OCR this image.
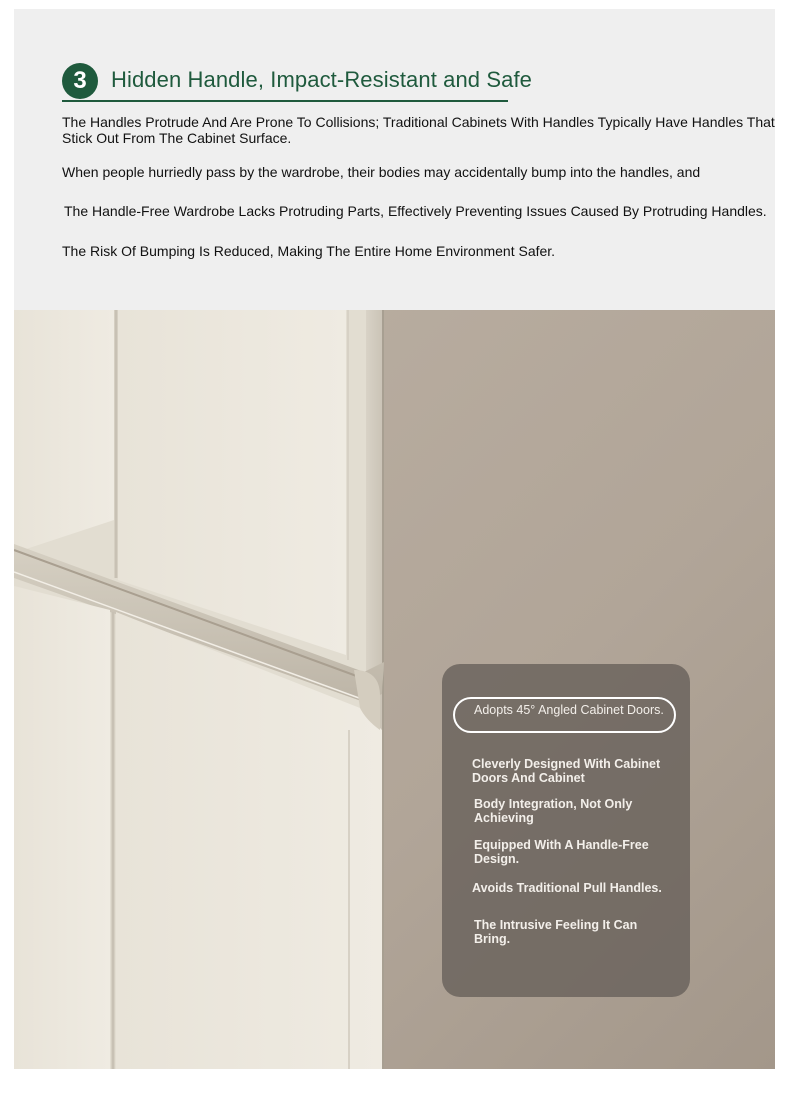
3	Hidden Handle, Impact-Resistant and Safe
The Handles Protrude And Are Prone To Collisions; Traditional Cabinets With Handles Typically Have Handles That Stick Out From The Cabinet Surface.
When people hurriedly pass by the wardrobe, their bodies may accidentally bump into the handles, and
The Handle-Free Wardrobe Lacks Protruding Parts, Effectively Preventing Issues Caused By Protruding Handles.
The Risk Of Bumping Is Reduced, Making The Entire Home Environment Safer.
Adopts 45° Angled Cabinet Doors.
Cleverly Designed With Cabinet Doors And Cabinet
Body Integration, Not Only Achieving
Equipped With A Handle-Free Design.
Avoids Traditional Pull Handles.
The Intrusive Feeling It Can Bring.
